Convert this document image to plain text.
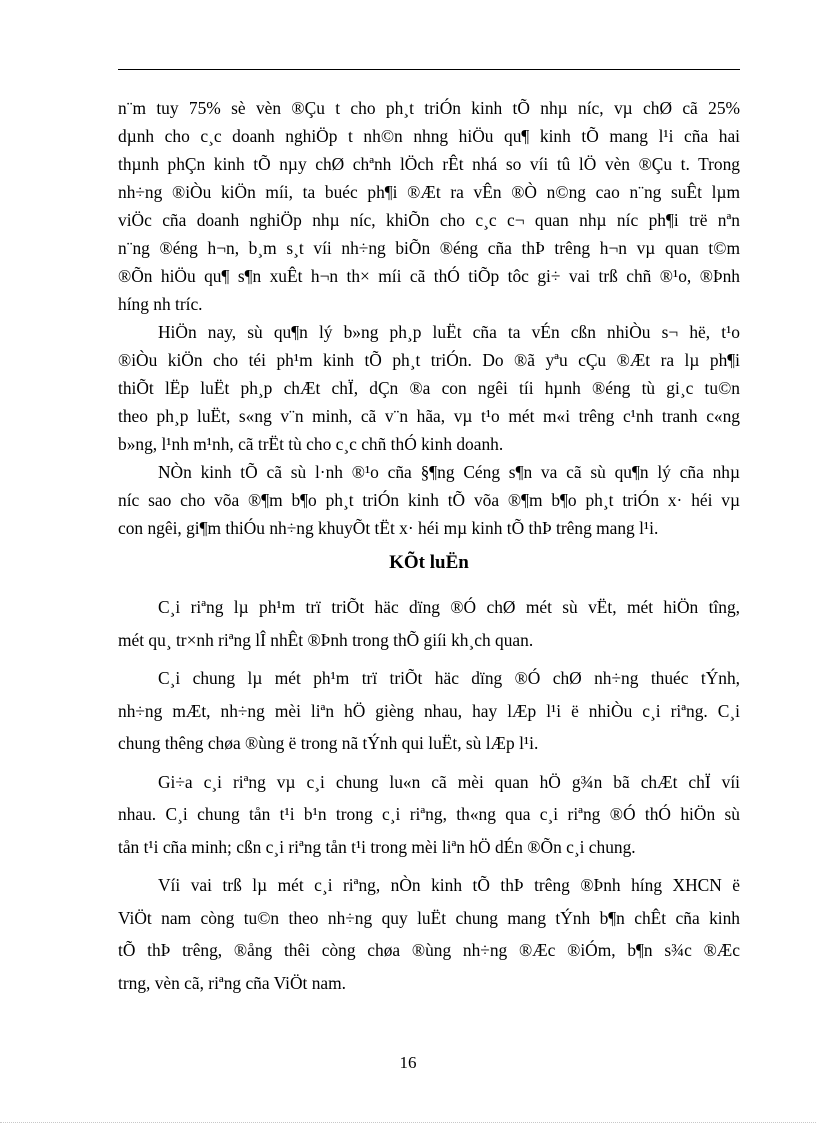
n¨m tuy 75% sè vèn ®Çu t cho ph¸t triÓn kinh tÕ nhµ níc, vµ chØ cã 25%
dµnh cho c¸c doanh nghiÖp t nh©n nhng hiÖu qu¶ kinh tÕ mang l¹i cña hai
thµnh phÇn kinh tÕ nµy chØ chªnh lÖch rÊt nhá so víi tû lÖ vèn ®Çu t. Trong
nh÷ng ®iÒu kiÖn míi, ta buéc ph¶i ®Æt ra vÊn ®Ò n©ng cao n¨ng suÊt lµm
viÖc cña doanh nghiÖp nhµ níc, khiÕn cho c¸c c¬ quan nhµ níc ph¶i trë nªn
n¨ng ®éng h¬n, b¸m s¸t víi nh÷ng biÕn ®éng cña thÞ trêng h¬n vµ quan t©m
®Õn hiÖu qu¶ s¶n xuÊt h¬n th× míi cã thÓ tiÕp tôc gi÷ vai trß chñ ®¹o, ®Þnh
híng nh tríc.

HiÖn nay, sù qu¶n lý b»ng ph¸p luËt cña ta vÉn cßn nhiÒu s¬ hë, t¹o
®iÒu kiÖn cho téi ph¹m kinh tÕ ph¸t triÓn. Do ®ã yªu cÇu ®Æt ra lµ ph¶i
thiÕt lËp luËt ph¸p chÆt chÏ, dÇn ®a con ngêi tíi hµnh ®éng tù gi¸c tu©n
theo ph¸p luËt, s«ng v¨n minh, cã v¨n hãa, vµ t¹o mét m«i trêng c¹nh tranh c«ng
b»ng, l¹nh m¹nh, cã trËt tù cho c¸c chñ thÓ kinh doanh.

NÒn kinh tÕ cã sù l·nh ®¹o cña §¶ng Céng s¶n va cã sù qu¶n lý cña nhµ
níc sao cho võa ®¶m b¶o ph¸t triÓn kinh tÕ võa ®¶m b¶o ph¸t triÓn x· héi vµ
con ngêi, gi¶m thiÓu nh÷ng khuyÕt tËt x· héi mµ kinh tÕ thÞ trêng mang l¹i.

KÕt luËn

C¸i riªng lµ ph¹m trï triÕt häc dïng ®Ó chØ mét sù vËt, mét hiÖn tîng,
mét qu¸ tr×nh riªng lÎ nhÊt ®Þnh trong thÕ giíi kh¸ch quan.

C¸i chung lµ mét ph¹m trï triÕt häc dïng ®Ó chØ nh÷ng thuéc tÝnh,
nh÷ng mÆt, nh÷ng mèi liªn hÖ gièng nhau, hay lÆp l¹i ë nhiÒu c¸i riªng. C¸i
chung thêng chøa ®ùng ë trong nã tÝnh qui luËt, sù lÆp l¹i.

Gi÷a c¸i riªng vµ c¸i chung lu«n cã mèi quan hÖ g¾n bã chÆt chÏ víi
nhau. C¸i chung tån t¹i b¹n trong c¸i riªng, th«ng qua c¸i riªng ®Ó thÓ hiÖn sù
tån t¹i cña minh; cßn c¸i riªng tån t¹i trong mèi liªn hÖ dÉn ®Õn c¸i chung.

Víi vai trß lµ mét c¸i riªng, nÒn kinh tÕ thÞ trêng ®Þnh híng XHCN ë
ViÖt nam còng tu©n theo nh÷ng quy luËt chung mang tÝnh b¶n chÊt cña kinh
tÕ thÞ trêng, ®ång thêi còng chøa ®ùng nh÷ng ®Æc ®iÓm, b¶n s¾c ®Æc
trng, vèn cã, riªng cña ViÖt nam.

16
